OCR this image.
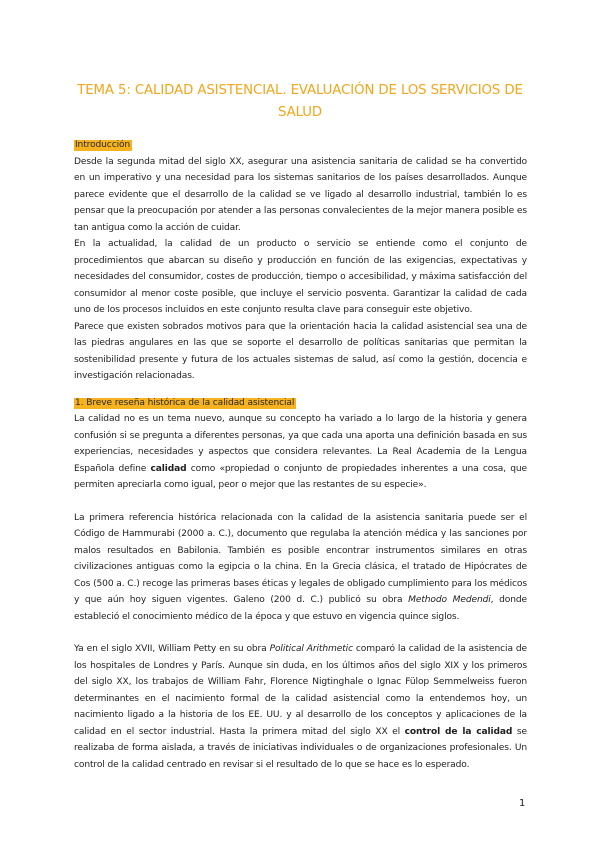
TEMA 5: CALIDAD ASISTENCIAL. EVALUACIÓN DE LOS SERVICIOS DE SALUD
Introducción

Desde la segunda mitad del siglo XX, asegurar una asistencia sanitaria de calidad se ha convertido en un imperativo y una necesidad para los sistemas sanitarios de los países desarrollados. Aunque parece evidente que el desarrollo de la calidad se ve ligado al desarrollo industrial, también lo es pensar que la preocupación por atender a las personas convalecientes de la mejor manera posible es tan antigua como la acción de cuidar.

En la actualidad, la calidad de un producto o servicio se entiende como el conjunto de procedimientos que abarcan su diseño y producción en función de las exigencias, expectativas y necesidades del consumidor, costes de producción, tiempo o accesibilidad, y máxima satisfacción del consumidor al menor coste posible, que incluye el servicio posventa. Garantizar la calidad de cada uno de los procesos incluidos en este conjunto resulta clave para conseguir este objetivo.

Parece que existen sobrados motivos para que la orientación hacia la calidad asistencial sea una de las piedras angulares en las que se soporte el desarrollo de políticas sanitarias que permitan la sostenibilidad presente y futura de los actuales sistemas de salud, así como la gestión, docencia e investigación relacionadas.

1. Breve reseña histórica de la calidad asistencial

La calidad no es un tema nuevo, aunque su concepto ha variado a lo largo de la historia y genera confusión si se pregunta a diferentes personas, ya que cada una aporta una definición basada en sus experiencias, necesidades y aspectos que considera relevantes. La Real Academia de la Lengua Española define calidad como «propiedad o conjunto de propiedades inherentes a una cosa, que permiten apreciarla como igual, peor o mejor que las restantes de su especie».

La primera referencia histórica relacionada con la calidad de la asistencia sanitaria puede ser el Código de Hammurabi (2000 a. C.), documento que regulaba la atención médica y las sanciones por malos resultados en Babilonia. También es posible encontrar instrumentos similares en otras civilizaciones antiguas como la egipcia o la china. En la Grecia clásica, el tratado de Hipócrates de Cos (500 a. C.) recoge las primeras bases éticas y legales de obligado cumplimiento para los médicos y que aún hoy siguen vigentes. Galeno (200 d. C.) publicó su obra Methodo Medendi, donde estableció el conocimiento médico de la época y que estuvo en vigencia quince siglos.

Ya en el siglo XVII, William Petty en su obra Political Arithmetic comparó la calidad de la asistencia de los hospitales de Londres y París. Aunque sin duda, en los últimos años del siglo XIX y los primeros del siglo XX, los trabajos de William Fahr, Florence Nigtinghale o Ignac Fülop Semmelweiss fueron determinantes en el nacimiento formal de la calidad asistencial como la entendemos hoy, un nacimiento ligado a la historia de los EE. UU. y al desarrollo de los conceptos y aplicaciones de la calidad en el sector industrial. Hasta la primera mitad del siglo XX el control de la calidad se realizaba de forma aislada, a través de iniciativas individuales o de organizaciones profesionales. Un control de la calidad centrado en revisar si el resultado de lo que se hace es lo esperado.

1
